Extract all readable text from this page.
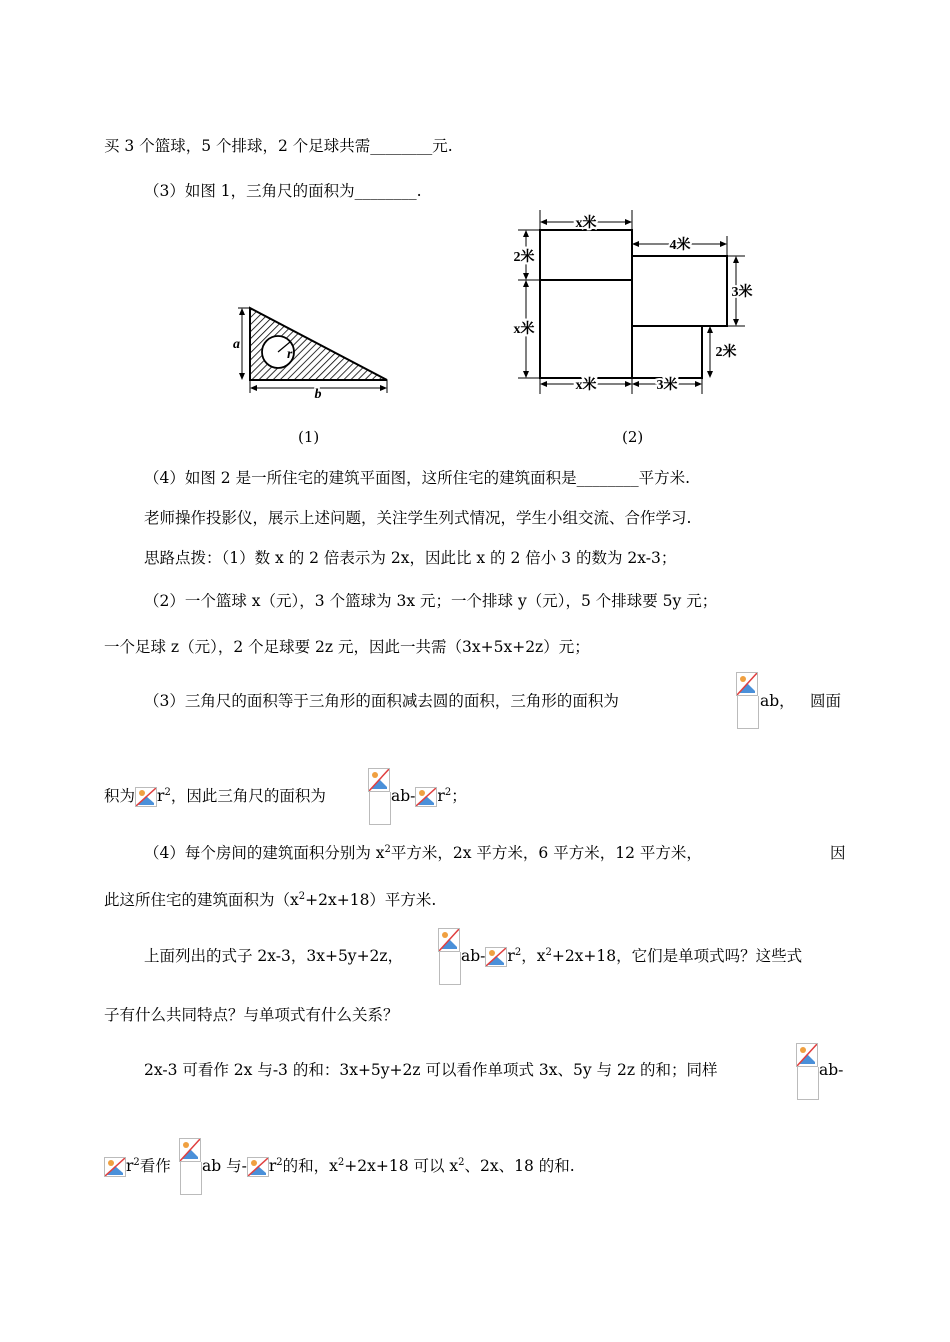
买 3 个篮球，5 个排球，2 个足球共需________元.
（3）如图 1，三角尺的面积为________.
a
r
b
x米
4米
2米
x米
3米
2米
x米	3米
(1)	(2)
（4）如图 2 是一所住宅的建筑平面图，这所住宅的建筑面积是________平方米.
老师操作投影仪，展示上述问题，关注学生列式情况，学生小组交流、合作学习.
思路点拨：（1）数 x 的 2 倍表示为 2x，因此比 x 的 2 倍小 3 的数为 2x-3；
（2）一个篮球 x（元），3 个篮球为 3x 元；一个排球 y（元），5 个排球要 5y 元；
一个足球 z（元），2 个足球要 2z 元，因此一共需（3x+5x+2z）元；
（3）三角尺的面积等于三角形的面积减去圆的面积，三角形的面积为	ab， 圆面
积为 $r^2$，因此三角尺的面积为	ab- $r^2$；
（4）每个房间的建筑面积分别为 $x^2$平方米，2x 平方米，6 平方米，12 平方米，	因
此这所住宅的建筑面积为$(x^2+2x+18)$平方米.
上面列出的式子 2x-3，3x+5y+2z，	ab- $r^2$，$x^2+2x+18$，它们是单项式吗？这些式
子有什么共同特点？与单项式有什么关系？
2x-3 可看作 2x 与-3 的和：3x+5y+2z 可以看作单项式 3x、5y 与 2z 的和；同样	ab-
$r^2$看作 ab 与- $r^2$的和，$x^2+2x+18$ 可以 $x^2$、2x、18 的和.
